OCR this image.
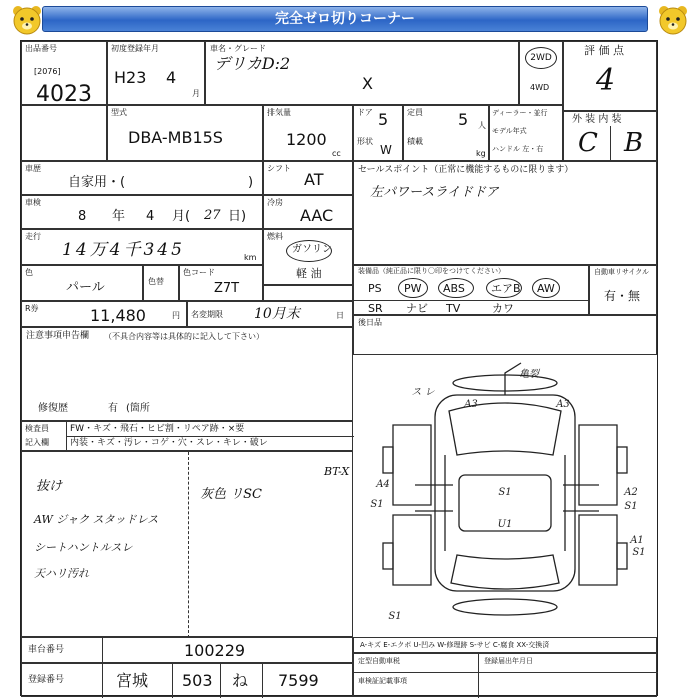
完全ゼロ切りコーナー
出品番号
[2076]
4023
初度登録年月
H23 4
月
車名・グレード
デリカD:2
X
2WD
4WD
評 価 点
4
型式
DBA-MB15S
排気量
1200
cc
ドア 5
形状
W
定員 5 人
積載
kg
ディーラー・並行
モデル年式
ハンドル 左・右
外 装 内 装
C B
車歴
自家用・(	)
シフト
AT
車検
8 年 4 月( 27 日)
冷房
AAC
走行
14万4千345	km
燃料
ガソリン
軽 油
色
パール	色替
色コード
Z7T
R券	11,480	円 名変期限 10月末	日
セールスポイント（正常に機能するものに限ります）
左パワースライドドア
装備品（純正品に限り〇印をつけてください）
PS PW ABS エアB AW
SR ナビ TV	カワ
自動車リサイクル
有・無
後日品
注意事項申告欄 （不具合内容等は具体的に記入して下さい）
修復歴	有 (箇所
検査員
記入欄
FW・キズ・飛石・ヒビ割・リペア跡・×要
内装・キズ・汚レ・コゲ・穴・スレ・キレ・破レ
抜け
AW ジャク スタッドレス
シートハントルスレ
天ハリ汚れ
BT-X
灰色 リSC
U1
S1
A3	A3
A4
S1
A2
S1
A1
S1
S1
ス レ
亀裂
A-キズ E-エクボ U-凹み W-修理跡 S-サビ C-腐食 XX-交換済
車台番号	100229
登録番号	宮城 503 ね 7599
定型自動車税	登録届出年月日
車検証記載事項
